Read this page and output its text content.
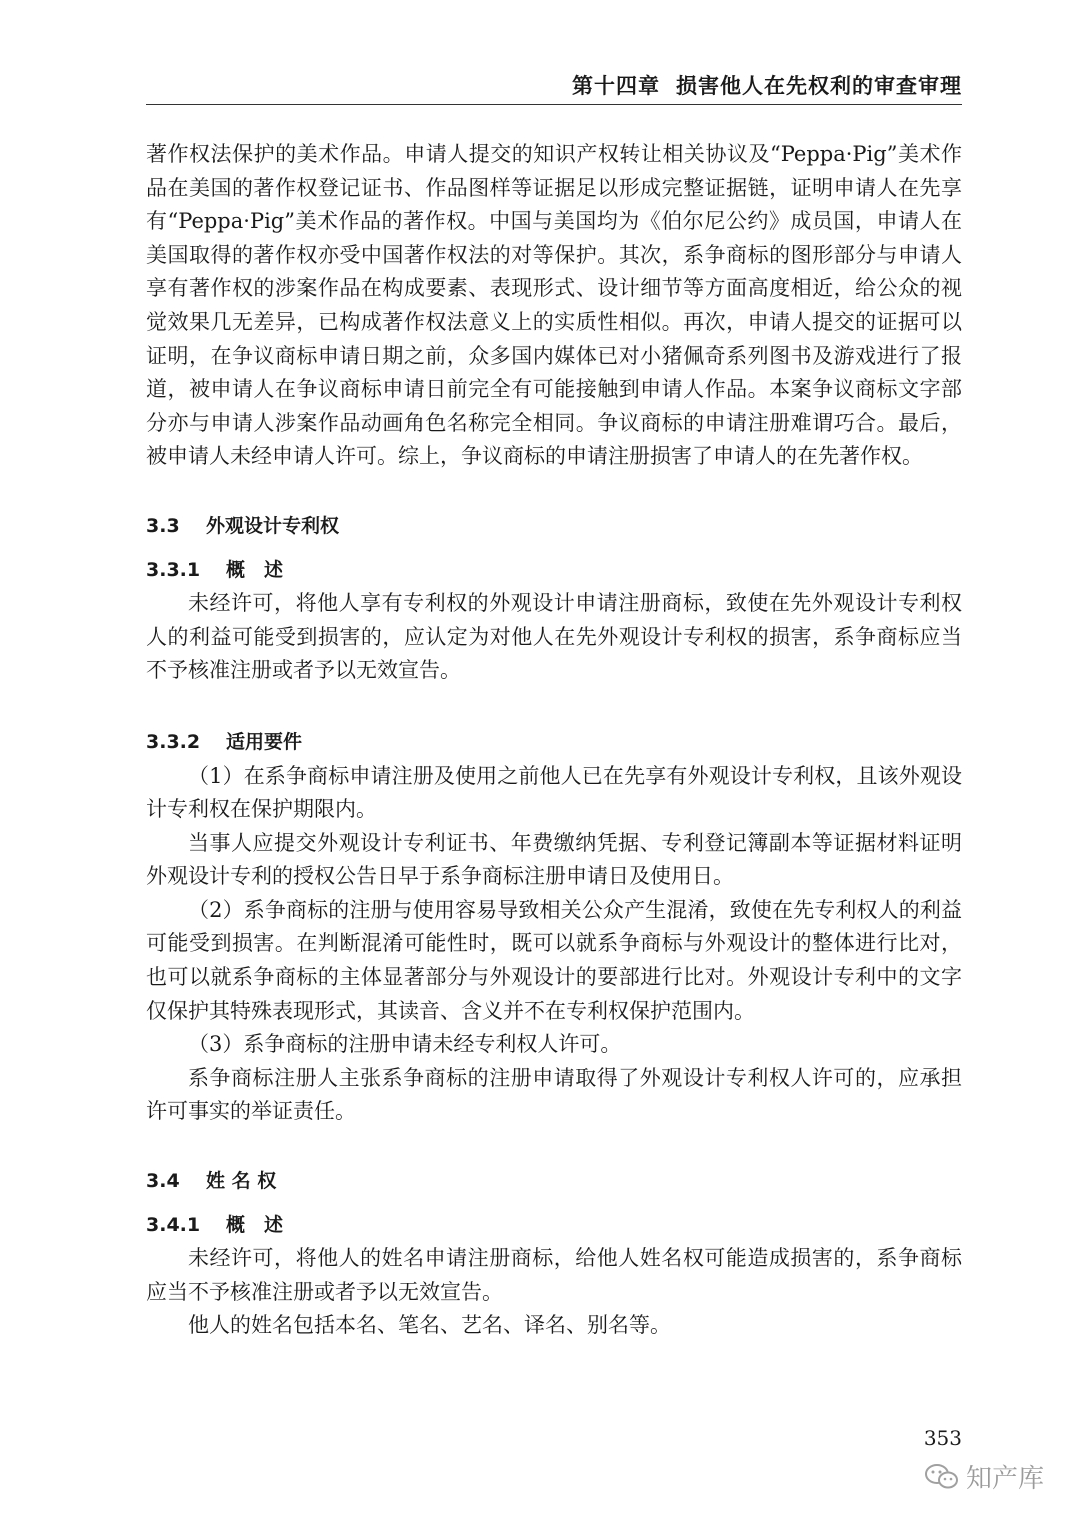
第十四章 损害他人在先权利的审查审理

著作权法保护的美术作品。申请人提交的知识产权转让相关协议及“Peppa·Pig”美术作品在美国的著作权登记证书、作品图样等证据足以形成完整证据链，证明申请人在先享有“Peppa·Pig”美术作品的著作权。中国与美国均为《伯尔尼公约》成员国，申请人在美国取得的著作权亦受中国著作权法的对等保护。其次，系争商标的图形部分与申请人享有著作权的涉案作品在构成要素、表现形式、设计细节等方面高度相近，给公众的视觉效果几无差异，已构成著作权法意义上的实质性相似。再次，申请人提交的证据可以证明，在争议商标申请日期之前，众多国内媒体已对小猪佩奇系列图书及游戏进行了报道，被申请人在争议商标申请日前完全有可能接触到申请人作品。本案争议商标文字部分亦与申请人涉案作品动画角色名称完全相同。争议商标的申请注册难谓巧合。最后，被申请人未经申请人许可。综上，争议商标的申请注册损害了申请人的在先著作权。

3.3 外观设计专利权
3.3.1 概　述

未经许可，将他人享有专利权的外观设计申请注册商标，致使在先外观设计专利权人的利益可能受到损害的，应认定为对他人在先外观设计专利权的损害，系争商标应当不予核准注册或者予以无效宣告。

3.3.2 适用要件

（1）在系争商标申请注册及使用之前他人已在先享有外观设计专利权，且该外观设计专利权在保护期限内。

当事人应提交外观设计专利证书、年费缴纳凭据、专利登记簿副本等证据材料证明外观设计专利的授权公告日早于系争商标注册申请日及使用日。

（2）系争商标的注册与使用容易导致相关公众产生混淆，致使在先专利权人的利益可能受到损害。在判断混淆可能性时，既可以就系争商标与外观设计的整体进行比对，也可以就系争商标的主体显著部分与外观设计的要部进行比对。外观设计专利中的文字仅保护其特殊表现形式，其读音、含义并不在专利权保护范围内。

（3）系争商标的注册申请未经专利权人许可。

系争商标注册人主张系争商标的注册申请取得了外观设计专利权人许可的，应承担许可事实的举证责任。

3.4 姓 名 权
3.4.1 概　述

未经许可，将他人的姓名申请注册商标，给他人姓名权可能造成损害的，系争商标应当不予核准注册或者予以无效宣告。

他人的姓名包括本名、笔名、艺名、译名、别名等。

353
知产库
